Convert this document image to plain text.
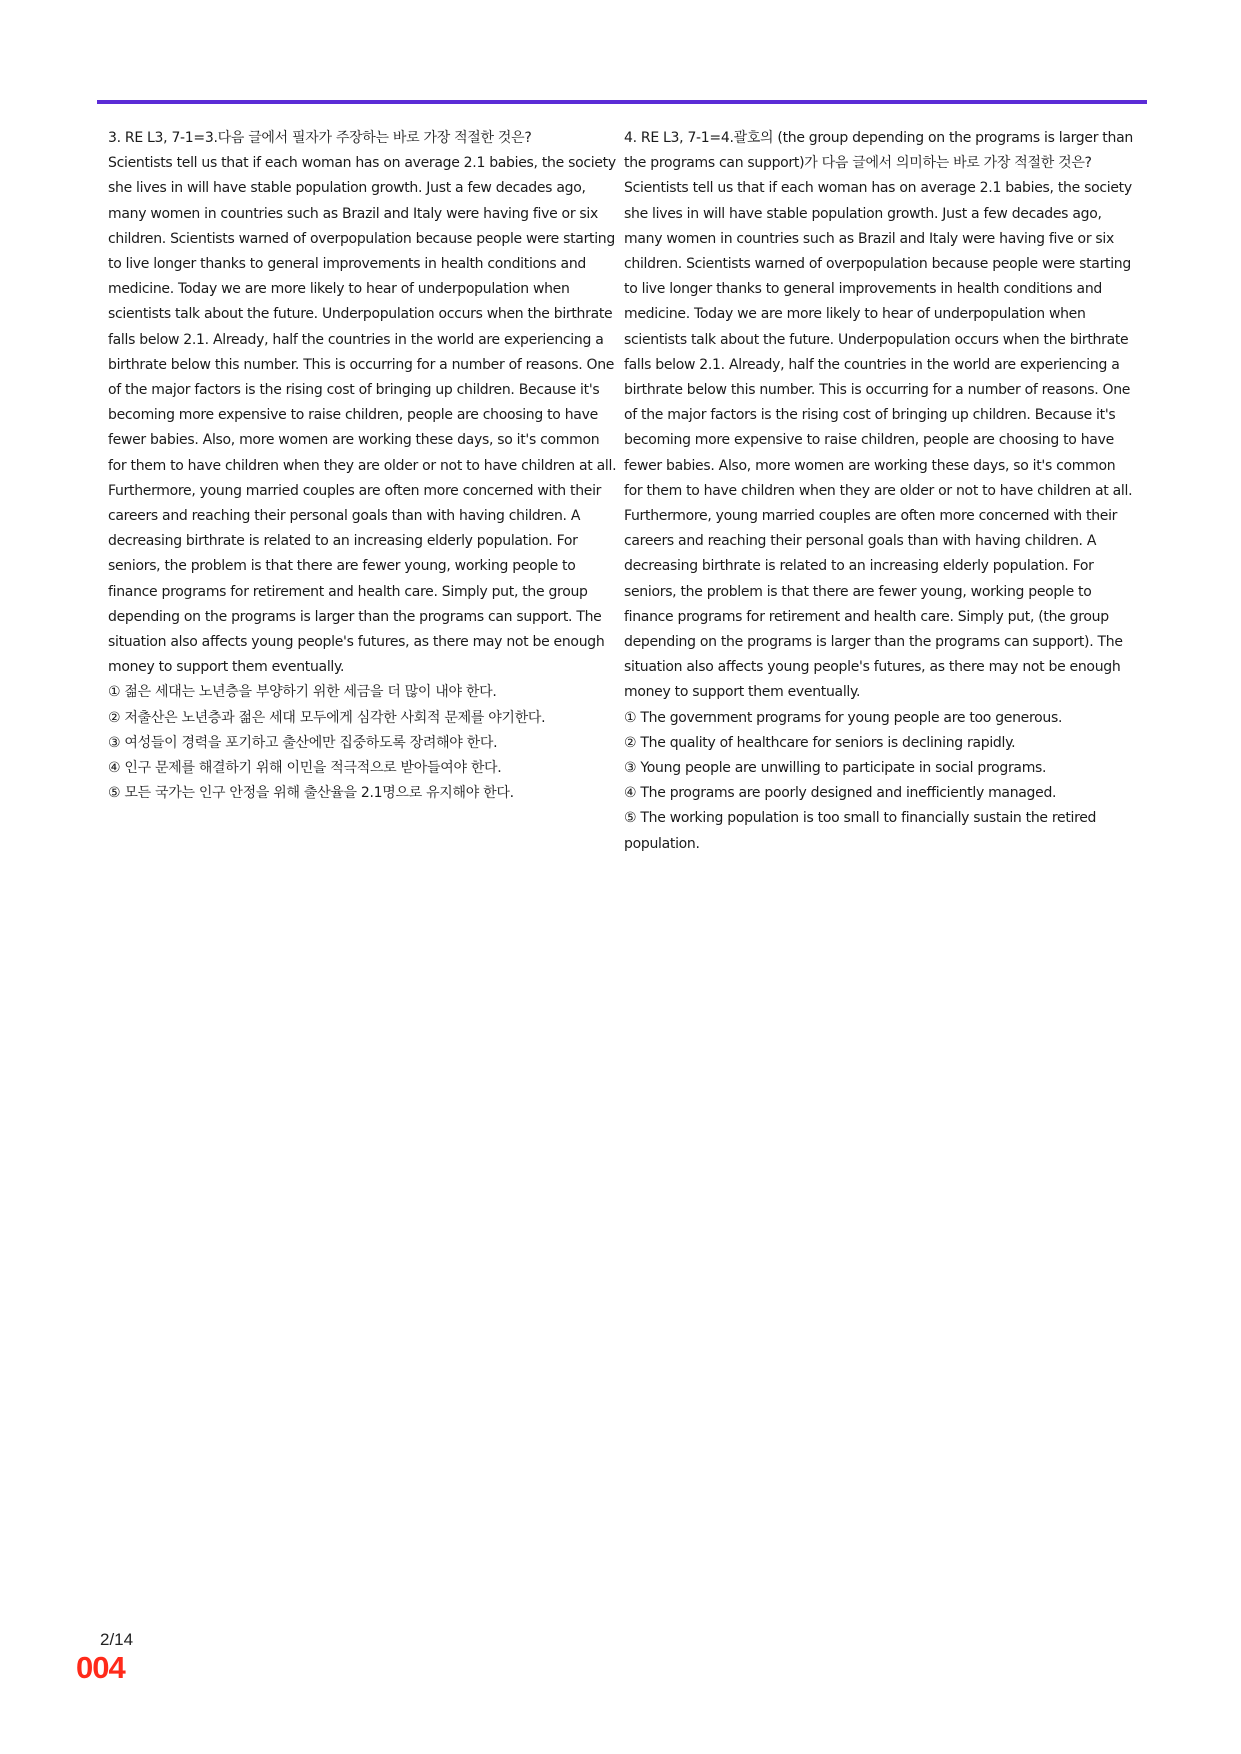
3. RE L3, 7-1=3.다음 글에서 필자가 주장하는 바로 가장 적절한 것은?

Scientists tell us that if each woman has on average 2.1 babies, the society she lives in will have stable population growth. Just a few decades ago, many women in countries such as Brazil and Italy were having five or six children. Scientists warned of overpopulation because people were starting to live longer thanks to general improvements in health conditions and medicine. Today we are more likely to hear of underpopulation when scientists talk about the future. Underpopulation occurs when the birthrate falls below 2.1. Already, half the countries in the world are experiencing a birthrate below this number. This is occurring for a number of reasons. One of the major factors is the rising cost of bringing up children. Because it's becoming more expensive to raise children, people are choosing to have fewer babies. Also, more women are working these days, so it's common for them to have children when they are older or not to have children at all. Furthermore, young married couples are often more concerned with their careers and reaching their personal goals than with having children. A decreasing birthrate is related to an increasing elderly population. For seniors, the problem is that there are fewer young, working people to finance programs for retirement and health care. Simply put, the group depending on the programs is larger than the programs can support. The situation also affects young people's futures, as there may not be enough money to support them eventually.

① 젊은 세대는 노년층을 부양하기 위한 세금을 더 많이 내야 한다.
② 저출산은 노년층과 젊은 세대 모두에게 심각한 사회적 문제를 야기한다.
③ 여성들이 경력을 포기하고 출산에만 집중하도록 장려해야 한다.
④ 인구 문제를 해결하기 위해 이민을 적극적으로 받아들여야 한다.
⑤ 모든 국가는 인구 안정을 위해 출산율을 2.1명으로 유지해야 한다.

4. RE L3, 7-1=4.괄호의 (the group depending on the programs is larger than the programs can support)가 다음 글에서 의미하는 바로 가장 적절한 것은?

Scientists tell us that if each woman has on average 2.1 babies, the society she lives in will have stable population growth. Just a few decades ago, many women in countries such as Brazil and Italy were having five or six children. Scientists warned of overpopulation because people were starting to live longer thanks to general improvements in health conditions and medicine. Today we are more likely to hear of underpopulation when scientists talk about the future. Underpopulation occurs when the birthrate falls below 2.1. Already, half the countries in the world are experiencing a birthrate below this number. This is occurring for a number of reasons. One of the major factors is the rising cost of bringing up children. Because it's becoming more expensive to raise children, people are choosing to have fewer babies. Also, more women are working these days, so it's common for them to have children when they are older or not to have children at all. Furthermore, young married couples are often more concerned with their careers and reaching their personal goals than with having children. A decreasing birthrate is related to an increasing elderly population. For seniors, the problem is that there are fewer young, working people to finance programs for retirement and health care. Simply put, (the group depending on the programs is larger than the programs can support). The situation also affects young people's futures, as there may not be enough money to support them eventually.

① The government programs for young people are too generous.
② The quality of healthcare for seniors is declining rapidly.
③ Young people are unwilling to participate in social programs.
④ The programs are poorly designed and inefficiently managed.
⑤ The working population is too small to financially sustain the retired population.
2/14
004
